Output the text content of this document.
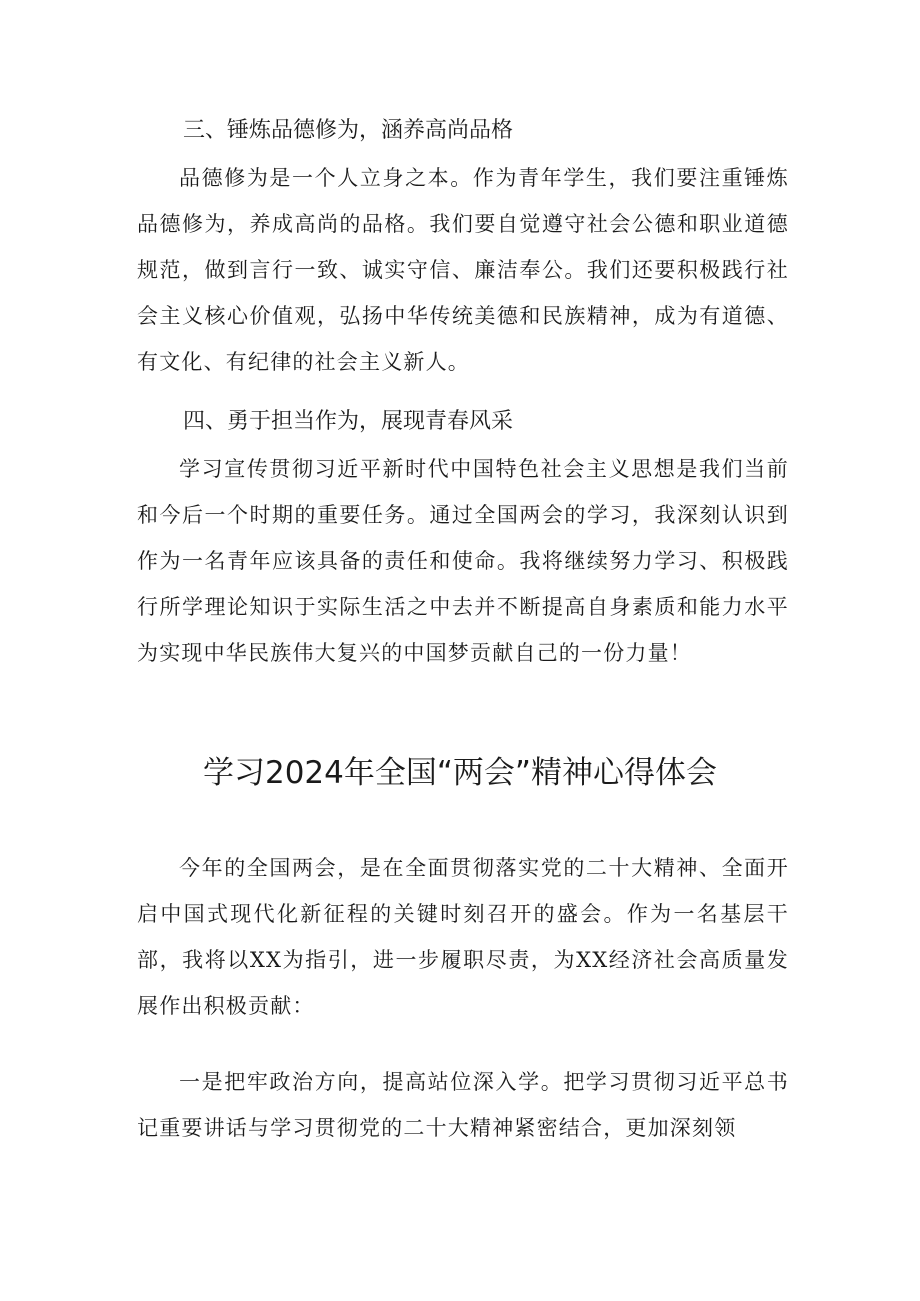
三、锤炼品德修为，涵养高尚品格

品德修为是一个人立身之本。作为青年学生，我们要注重锤炼品德修为，养成高尚的品格。我们要自觉遵守社会公德和职业道德规范，做到言行一致、诚实守信、廉洁奉公。我们还要积极践行社会主义核心价值观，弘扬中华传统美德和民族精神，成为有道德、有文化、有纪律的社会主义新人。

四、勇于担当作为，展现青春风采

学习宣传贯彻习近平新时代中国特色社会主义思想是我们当前和今后一个时期的重要任务。通过全国两会的学习，我深刻认识到作为一名青年应该具备的责任和使命。我将继续努力学习、积极践行所学理论知识于实际生活之中去并不断提高自身素质和能力水平为实现中华民族伟大复兴的中国梦贡献自己的一份力量！

学习2024年全国“两会”精神心得体会

今年的全国两会，是在全面贯彻落实党的二十大精神、全面开启中国式现代化新征程的关键时刻召开的盛会。作为一名基层干部，我将以XX为指引，进一步履职尽责，为XX经济社会高质量发展作出积极贡献：

一是把牢政治方向，提高站位深入学。把学习贯彻习近平总书记重要讲话与学习贯彻党的二十大精神紧密结合，更加深刻领
